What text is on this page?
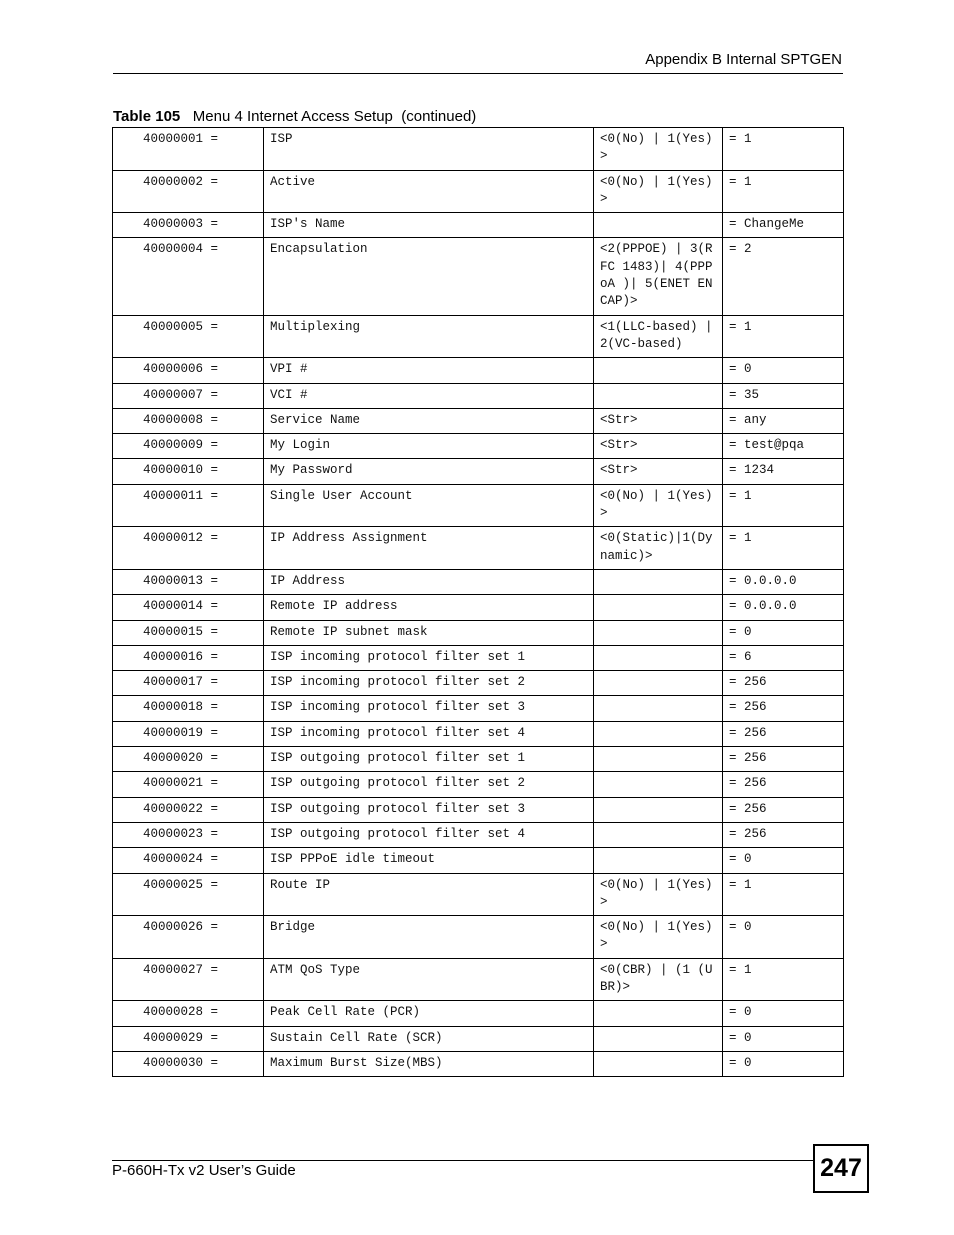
Appendix B Internal SPTGEN
Table 105 Menu 4 Internet Access Setup  (continued)
40000001 =	ISP	<0(No) | 1(Yes)>	= 1
40000002 =	Active	<0(No) | 1(Yes)>	= 1
40000003 =	ISP's Name		= ChangeMe
40000004 =	Encapsulation	<2(PPPOE) | 3(RFC 1483)| 4(PPPoA )| 5(ENET ENCAP)>	= 2
40000005 =	Multiplexing	<1(LLC-based) | 2(VC-based)	= 1
40000006 =	VPI #		= 0
40000007 =	VCI #		= 35
40000008 =	Service Name	<Str>	= any
40000009 =	My Login	<Str>	= test@pqa
40000010 =	My Password	<Str>	= 1234
40000011 =	Single User Account	<0(No) | 1(Yes)>	= 1
40000012 =	IP Address Assignment	<0(Static)|1(Dynamic)>	= 1
40000013 =	IP Address		= 0.0.0.0
40000014 =	Remote IP address		= 0.0.0.0
40000015 =	Remote IP subnet mask		= 0
40000016 =	ISP incoming protocol filter set 1		= 6
40000017 =	ISP incoming protocol filter set 2		= 256
40000018 =	ISP incoming protocol filter set 3		= 256
40000019 =	ISP incoming protocol filter set 4		= 256
40000020 =	ISP outgoing protocol filter set 1		= 256
40000021 =	ISP outgoing protocol filter set 2		= 256
40000022 =	ISP outgoing protocol filter set 3		= 256
40000023 =	ISP outgoing protocol filter set 4		= 256
40000024 =	ISP PPPoE idle timeout		= 0
40000025 =	Route IP	<0(No) | 1(Yes)>	= 1
40000026 =	Bridge	<0(No) | 1(Yes)>	= 0
40000027 =	ATM QoS Type	<0(CBR) | (1 (UBR)>	= 1
40000028 =	Peak Cell Rate (PCR)		= 0
40000029 =	Sustain Cell Rate (SCR)		= 0
40000030 =	Maximum Burst Size(MBS)		= 0
P-660H-Tx v2 User’s Guide	247
